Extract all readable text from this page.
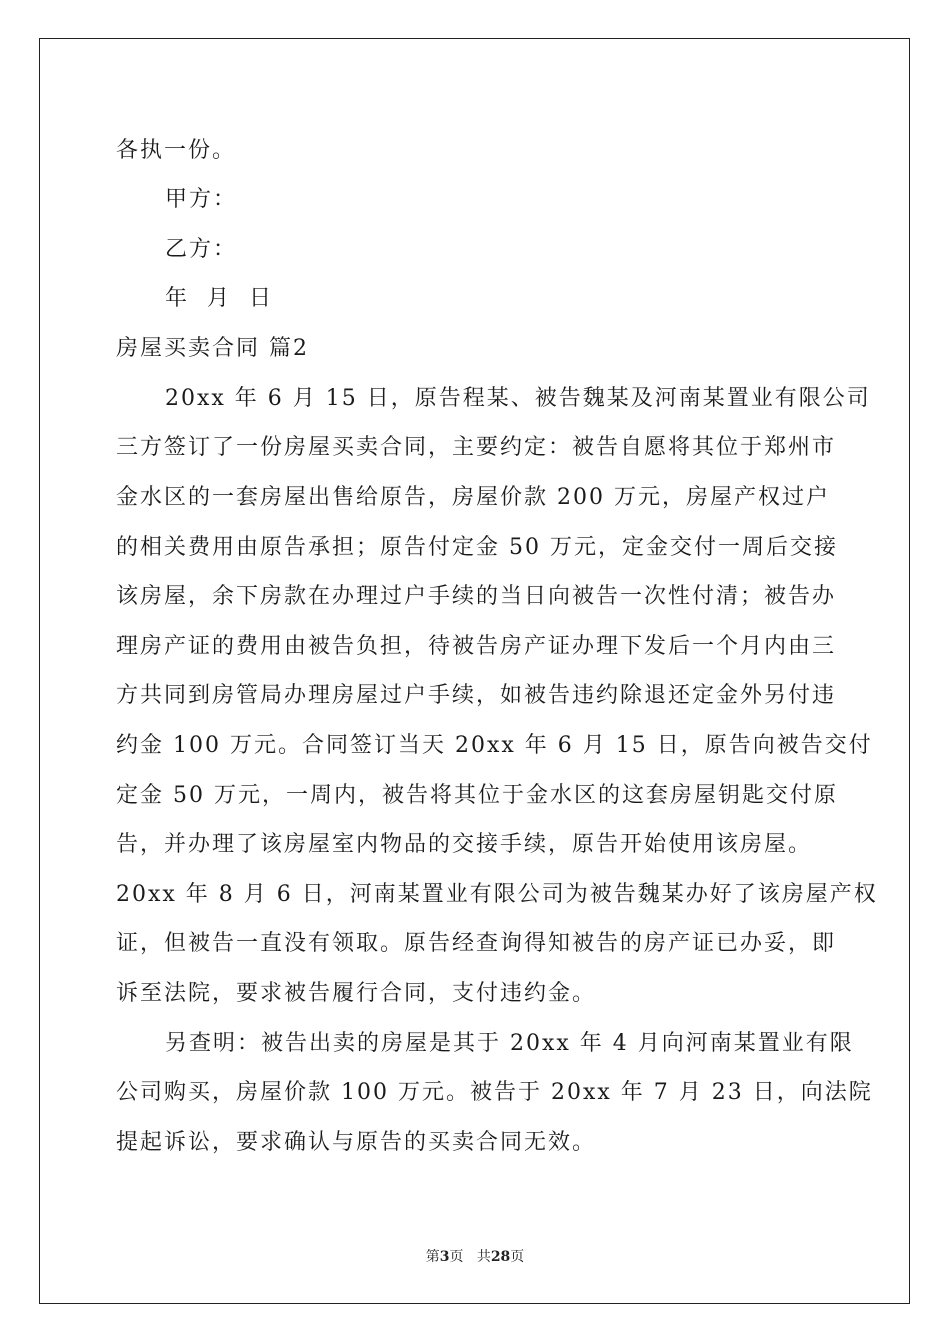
各执一份。
甲方：
乙方：
年  月  日
房屋买卖合同 篇2
20xx 年 6 月 15 日，原告程某、被告魏某及河南某置业有限公司
三方签订了一份房屋买卖合同，主要约定：被告自愿将其位于郑州市
金水区的一套房屋出售给原告，房屋价款 200 万元，房屋产权过户
的相关费用由原告承担；原告付定金 50 万元，定金交付一周后交接
该房屋，余下房款在办理过户手续的当日向被告一次性付清；被告办
理房产证的费用由被告负担，待被告房产证办理下发后一个月内由三
方共同到房管局办理房屋过户手续，如被告违约除退还定金外另付违
约金 100 万元。合同签订当天 20xx 年 6 月 15 日，原告向被告交付
定金 50 万元，一周内，被告将其位于金水区的这套房屋钥匙交付原
告，并办理了该房屋室内物品的交接手续，原告开始使用该房屋。
20xx 年 8 月 6 日，河南某置业有限公司为被告魏某办好了该房屋产权
证，但被告一直没有领取。原告经查询得知被告的房产证已办妥，即
诉至法院，要求被告履行合同，支付违约金。
另查明：被告出卖的房屋是其于 20xx 年 4 月向河南某置业有限
公司购买，房屋价款 100 万元。被告于 20xx 年 7 月 23 日，向法院
提起诉讼，要求确认与原告的买卖合同无效。
第3页 共28页
